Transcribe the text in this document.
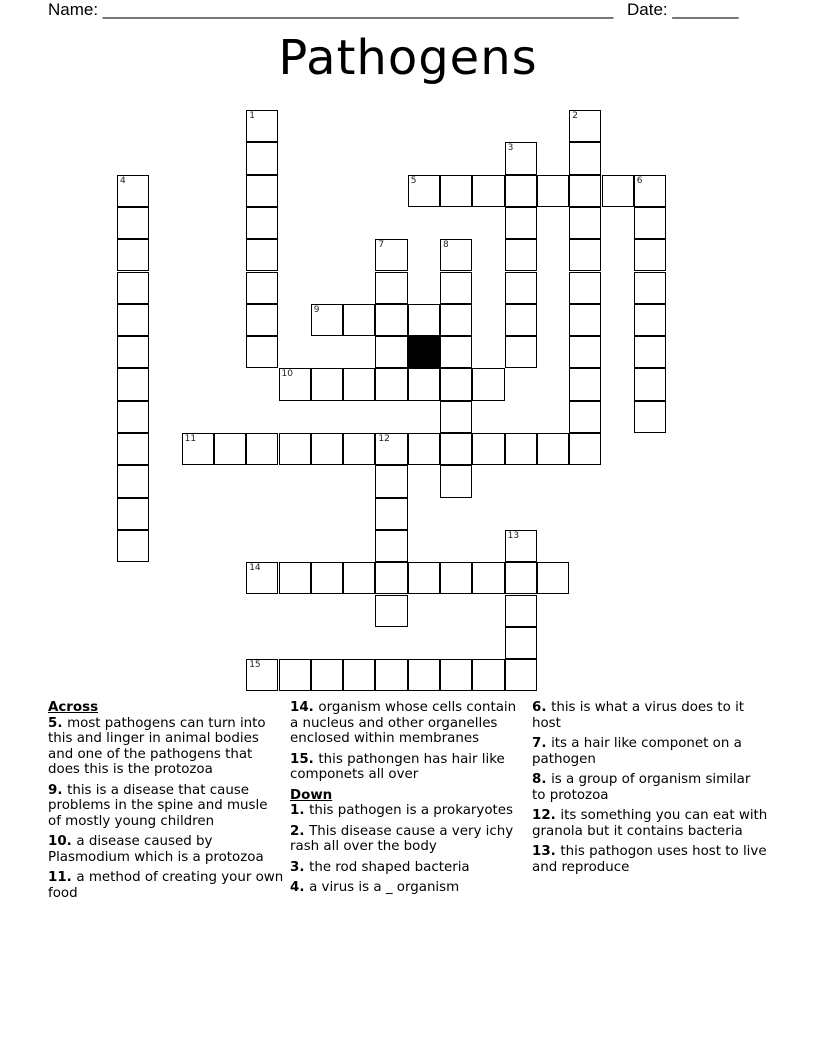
Name: ______________________________________________________ Date: _______
Pathogens
1	2
3
4	5	6
7	8
9
10
11	12
13
14
15
Across
5. most pathogens can turn into this and linger in animal bodies and one of the pathogens that does this is the protozoa
9. this is a disease that cause problems in the spine and musle of mostly young children
10. a disease caused by Plasmodium which is a protozoa
11. a method of creating your own food
14. organism whose cells contain a nucleus and other organelles enclosed within membranes
15. this pathongen has hair like componets all over
Down
1. this pathogen is a prokaryotes
2. This disease cause a very ichy rash all over the body
3. the rod shaped bacteria
4. a virus is a _ organism
6. this is what a virus does to it host
7. its a hair like componet on a pathogen
8. is a group of organism similar to protozoa
12. its something you can eat with granola but it contains bacteria
13. this pathogon uses host to live and reproduce
